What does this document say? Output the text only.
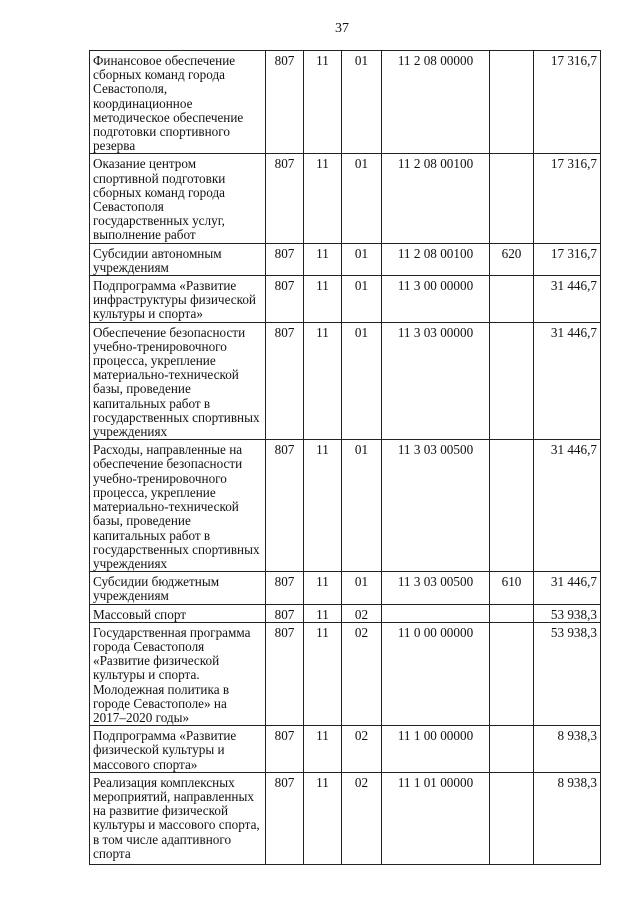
37
Финансовое обеспечение сборных команд города Севастополя, координационное методическое обеспечение подготовки спортивного резерва	807	11	01	11 2 08 00000		17 316,7
Оказание центром спортивной подготовки сборных команд города Севастополя государственных услуг, выполнение работ	807	11	01	11 2 08 00100		17 316,7
Субсидии автономным учреждениям	807	11	01	11 2 08 00100	620	17 316,7
Подпрограмма «Развитие инфраструктуры физической культуры и спорта»	807	11	01	11 3 00 00000		31 446,7
Обеспечение безопасности учебно-тренировочного процесса, укрепление материально-технической базы, проведение капитальных работ в государственных спортивных учреждениях	807	11	01	11 3 03 00000		31 446,7
Расходы, направленные на обеспечение безопасности учебно-тренировочного процесса, укрепление материально-технической базы, проведение капитальных работ в государственных спортивных учреждениях	807	11	01	11 3 03 00500		31 446,7
Субсидии бюджетным учреждениям	807	11	01	11 3 03 00500	610	31 446,7
Массовый спорт	807	11	02			53 938,3
Государственная программа города Севастополя «Развитие физической культуры и спорта. Молодежная политика в городе Севастополе» на 2017–2020 годы»	807	11	02	11 0 00 00000		53 938,3
Подпрограмма «Развитие физической культуры и массового спорта»	807	11	02	11 1 00 00000		8 938,3
Реализация комплексных мероприятий, направленных на развитие физической культуры и массового спорта, в том числе адаптивного спорта	807	11	02	11 1 01 00000		8 938,3
